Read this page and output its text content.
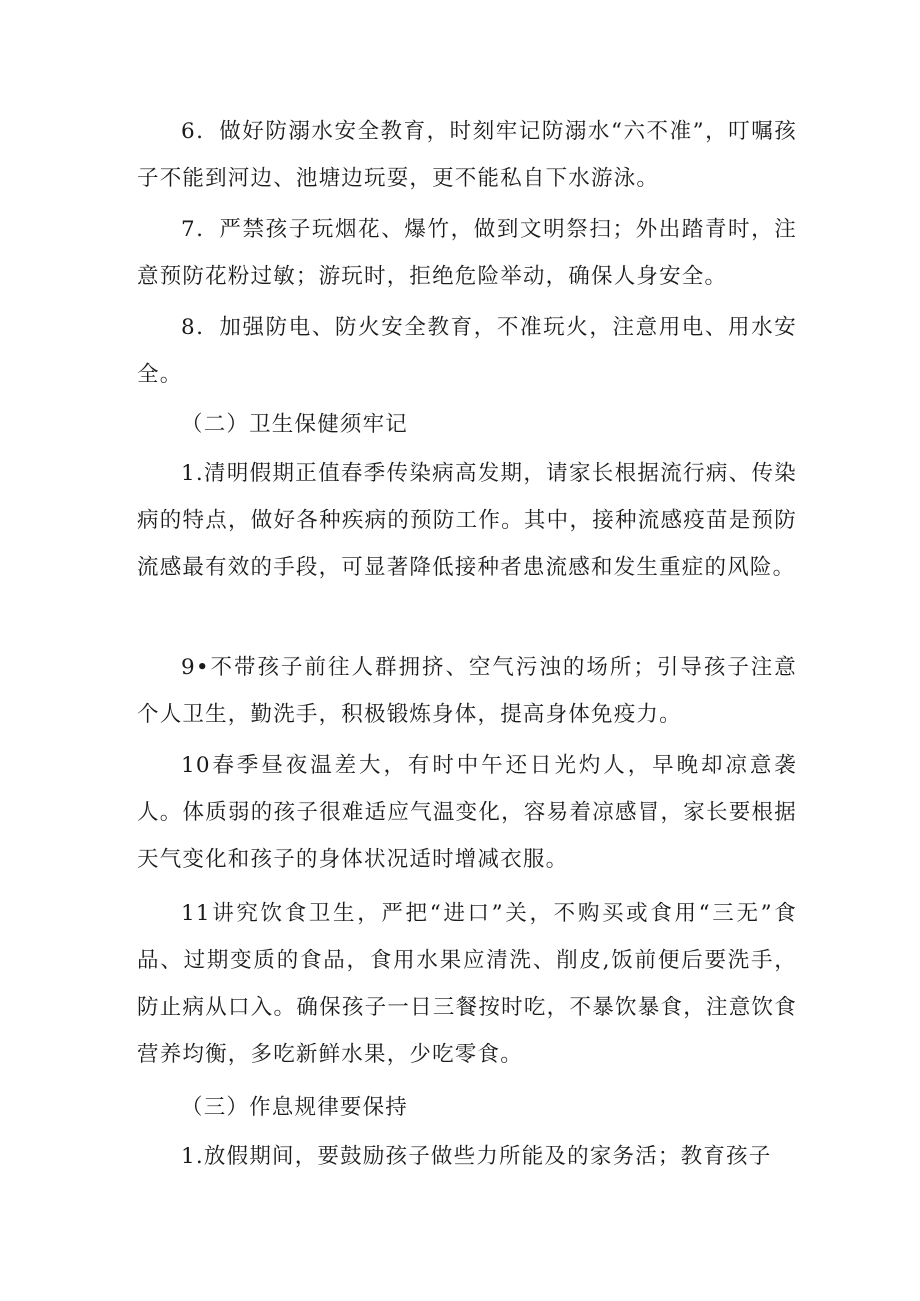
6．做好防溺水安全教育，时刻牢记防溺水“六不准”，叮嘱孩子不能到河边、池塘边玩耍，更不能私自下水游泳。

7．严禁孩子玩烟花、爆竹，做到文明祭扫；外出踏青时，注意预防花粉过敏；游玩时，拒绝危险举动，确保人身安全。

8．加强防电、防火安全教育，不准玩火，注意用电、用水安全。

（二）卫生保健须牢记

1.清明假期正值春季传染病高发期，请家长根据流行病、传染病的特点，做好各种疾病的预防工作。其中，接种流感疫苗是预防流感最有效的手段，可显著降低接种者患流感和发生重症的风险。

9•不带孩子前往人群拥挤、空气污浊的场所；引导孩子注意个人卫生，勤洗手，积极锻炼身体，提高身体免疫力。

10春季昼夜温差大，有时中午还日光灼人，早晚却凉意袭人。体质弱的孩子很难适应气温变化，容易着凉感冒，家长要根据天气变化和孩子的身体状况适时增减衣服。

11讲究饮食卫生，严把“进口”关，不购买或食用“三无”食品、过期变质的食品，食用水果应清洗、削皮,饭前便后要洗手，防止病从口入。确保孩子一日三餐按时吃，不暴饮暴食，注意饮食营养均衡，多吃新鲜水果，少吃零食。

（三）作息规律要保持

1.放假期间，要鼓励孩子做些力所能及的家务活；教育孩子
